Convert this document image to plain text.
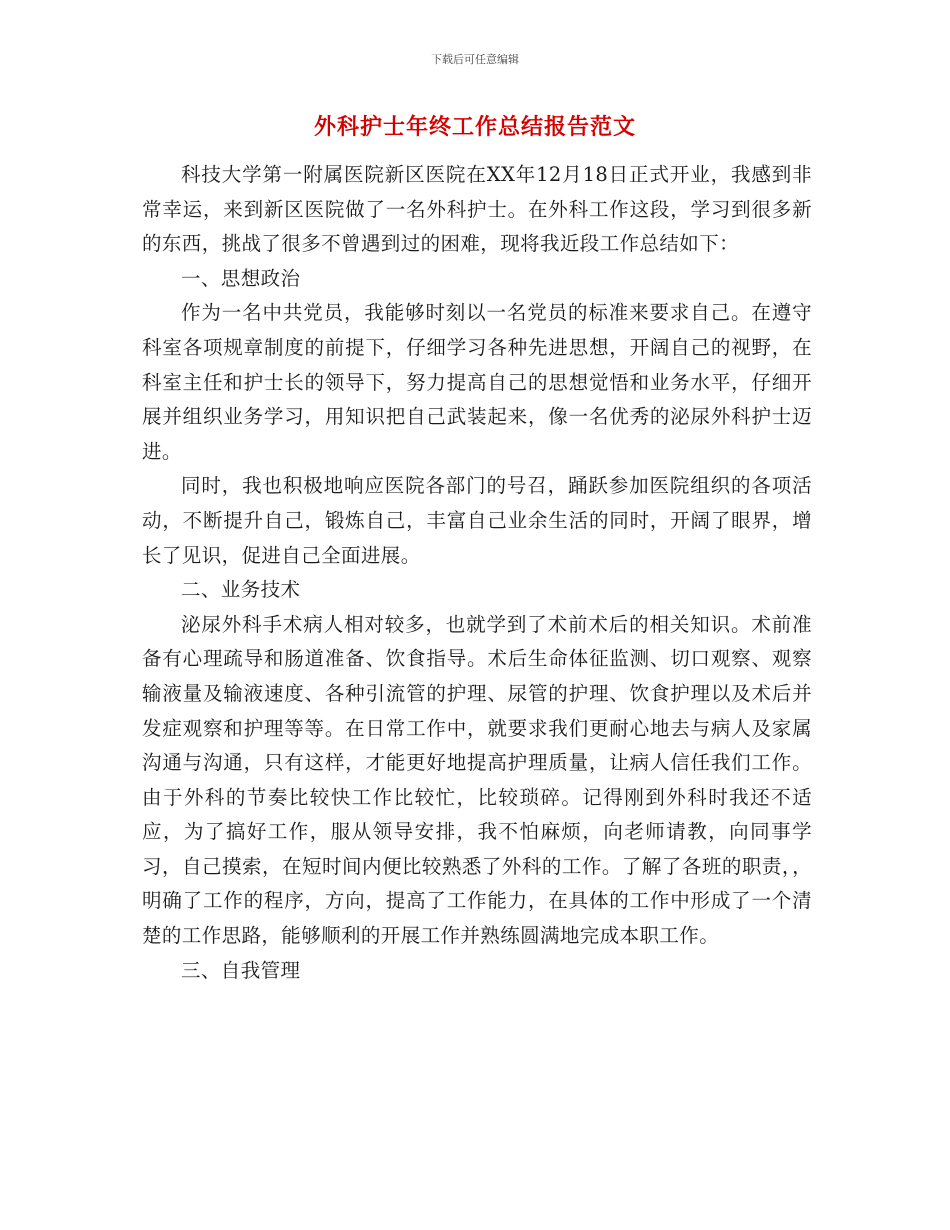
下载后可任意编辑
外科护士年终工作总结报告范文

科技大学第一附属医院新区医院在XX年12月18日正式开业，我感到非常幸运，来到新区医院做了一名外科护士。在外科工作这段，学习到很多新的东西，挑战了很多不曾遇到过的困难，现将我近段工作总结如下：

一、思想政治

作为一名中共党员，我能够时刻以一名党员的标准来要求自己。在遵守科室各项规章制度的前提下，仔细学习各种先进思想，开阔自己的视野，在科室主任和护士长的领导下，努力提高自己的思想觉悟和业务水平，仔细开展并组织业务学习，用知识把自己武装起来，像一名优秀的泌尿外科护士迈进。

同时，我也积极地响应医院各部门的号召，踊跃参加医院组织的各项活动，不断提升自己，锻炼自己，丰富自己业余生活的同时，开阔了眼界，增长了见识，促进自己全面进展。

二、业务技术

泌尿外科手术病人相对较多，也就学到了术前术后的相关知识。术前准备有心理疏导和肠道准备、饮食指导。术后生命体征监测、切口观察、观察输液量及输液速度、各种引流管的护理、尿管的护理、饮食护理以及术后并发症观察和护理等等。在日常工作中，就要求我们更耐心地去与病人及家属沟通与沟通，只有这样，才能更好地提高护理质量，让病人信任我们工作。由于外科的节奏比较快工作比较忙，比较琐碎。记得刚到外科时我还不适应，为了搞好工作，服从领导安排，我不怕麻烦，向老师请教，向同事学习，自己摸索，在短时间内便比较熟悉了外科的工作。了解了各班的职责，，明确了工作的程序，方向，提高了工作能力，在具体的工作中形成了一个清楚的工作思路，能够顺利的开展工作并熟练圆满地完成本职工作。

三、自我管理
